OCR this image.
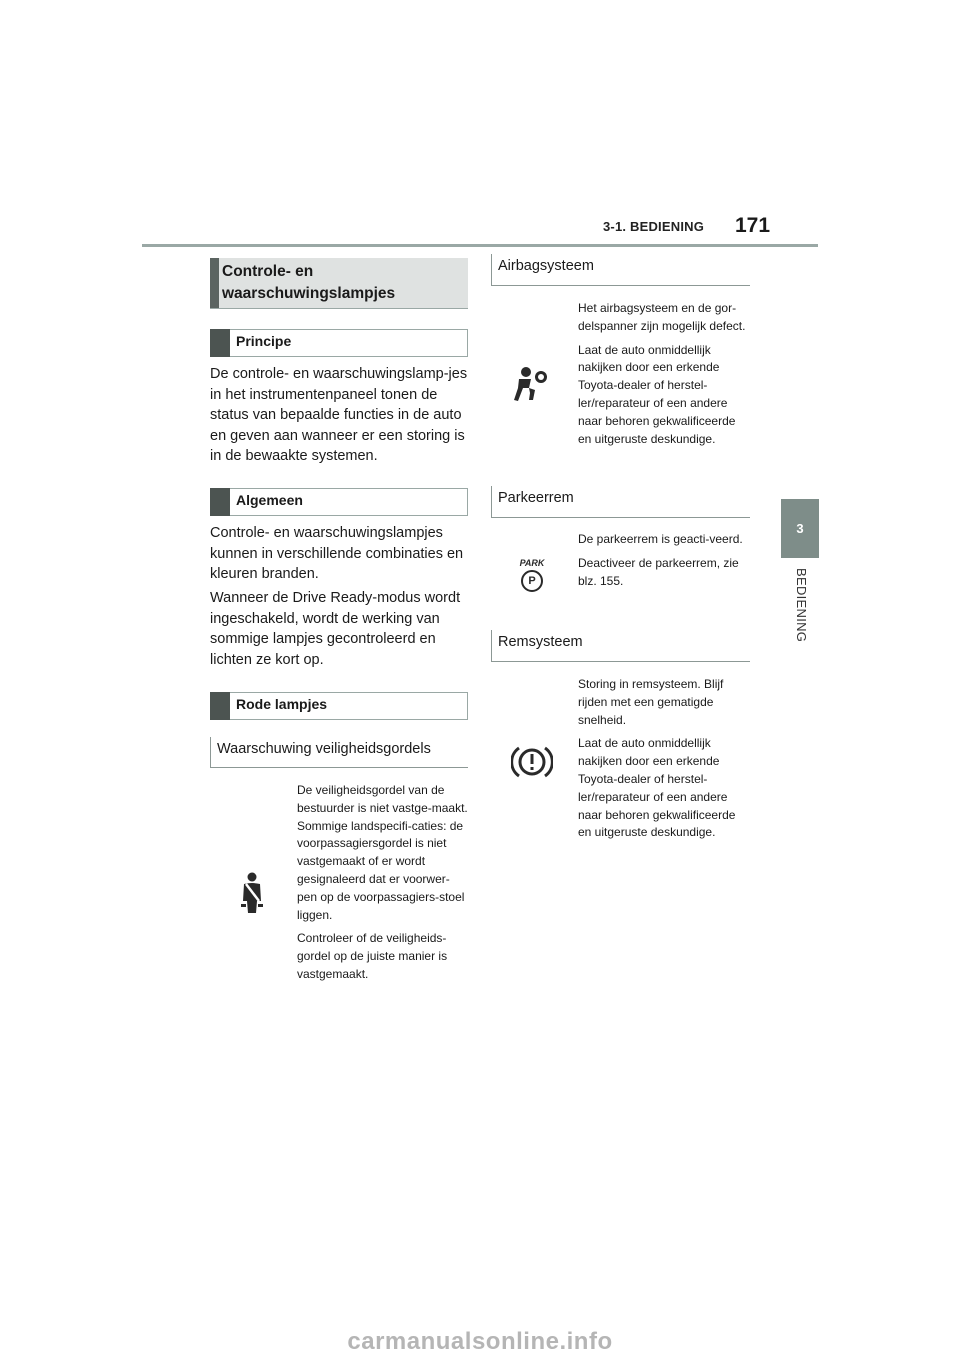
3-1. BEDIENING 171
3
BEDIENING
Controle- en waarschuwingslampjes
Principe
De controle- en waarschuwingslamp-jes in het instrumentenpaneel tonen de status van bepaalde functies in de auto en geven aan wanneer er een storing is in de bewaakte systemen.
Algemeen
Controle- en waarschuwingslampjes kunnen in verschillende combinaties en kleuren branden.
Wanneer de Drive Ready-modus wordt ingeschakeld, wordt de werking van sommige lampjes gecontroleerd en lichten ze kort op.
Rode lampjes
Waarschuwing veiligheidsgordels

De veiligheidsgordel van de bestuurder is niet vastge-maakt. Sommige landspecifi-caties: de voorpassagiersgordel is niet vastgemaakt of er wordt gesignaleerd dat er voorwer-pen op de voorpassagiers-stoel liggen.

Controleer of de veiligheids-gordel op de juiste manier is vastgemaakt.

Airbagsysteem

Het airbagsysteem en de gor-delspanner zijn mogelijk defect.

Laat de auto onmiddellijk nakijken door een erkende Toyota-dealer of herstel-ler/reparateur of een andere naar behoren gekwalificeerde en uitgeruste deskundige.

Parkeerrem
PARK
P

De parkeerrem is geacti-veerd.

Deactiveer de parkeerrem, zie blz. 155.

Remsysteem

Storing in remsysteem. Blijf rijden met een gematigde snelheid.

Laat de auto onmiddellijk nakijken door een erkende Toyota-dealer of herstel-ler/reparateur of een andere naar behoren gekwalificeerde en uitgeruste deskundige.

carmanualsonline.info
